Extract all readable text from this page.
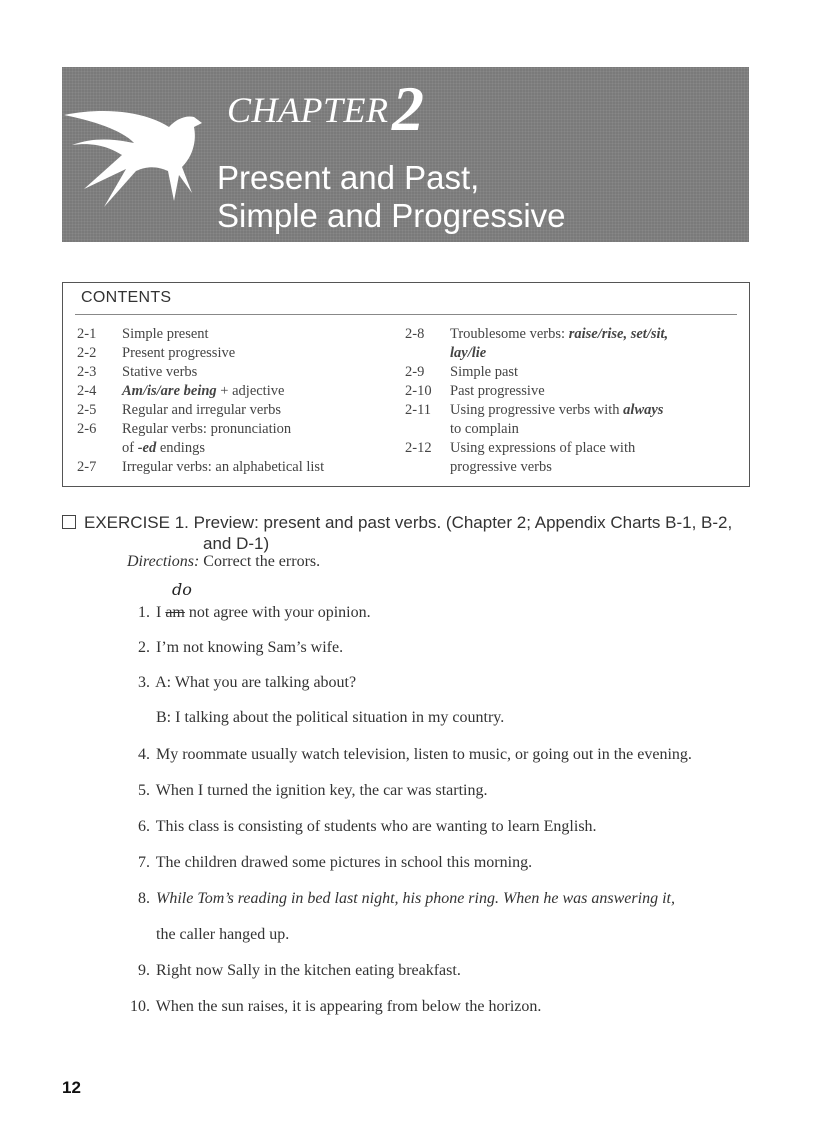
CHAPTER 2
Present and Past,
Simple and Progressive
CONTENTS
2-1	Simple present
2-2	Present progressive
2-3	Stative verbs
2-4	Am/is/are being + adjective
2-5	Regular and irregular verbs
2-6	Regular verbs: pronunciation
of -ed endings
2-7	Irregular verbs: an alphabetical list
2-8	Troublesome verbs: raise/rise, set/sit,
lay/lie
2-9	Simple past
2-10	Past progressive
2-11	Using progressive verbs with always
to complain
2-12	Using expressions of place with
progressive verbs
EXERCISE 1. Preview: present and past verbs. (Chapter 2; Appendix Charts B-1, B-2,
and D-1)
Directions: Correct the errors.
do
1. I am not agree with your opinion.
2. I’m not knowing Sam’s wife.
3. A: What you are talking about?
B: I talking about the political situation in my country.
4. My roommate usually watch television, listen to music, or going out in the evening.
5. When I turned the ignition key, the car was starting.
6. This class is consisting of students who are wanting to learn English.
7. The children drawed some pictures in school this morning.
8. While Tom’s reading in bed last night, his phone ring. When he was answering it,
the caller hanged up.
9. Right now Sally in the kitchen eating breakfast.
10. When the sun raises, it is appearing from below the horizon.
12
